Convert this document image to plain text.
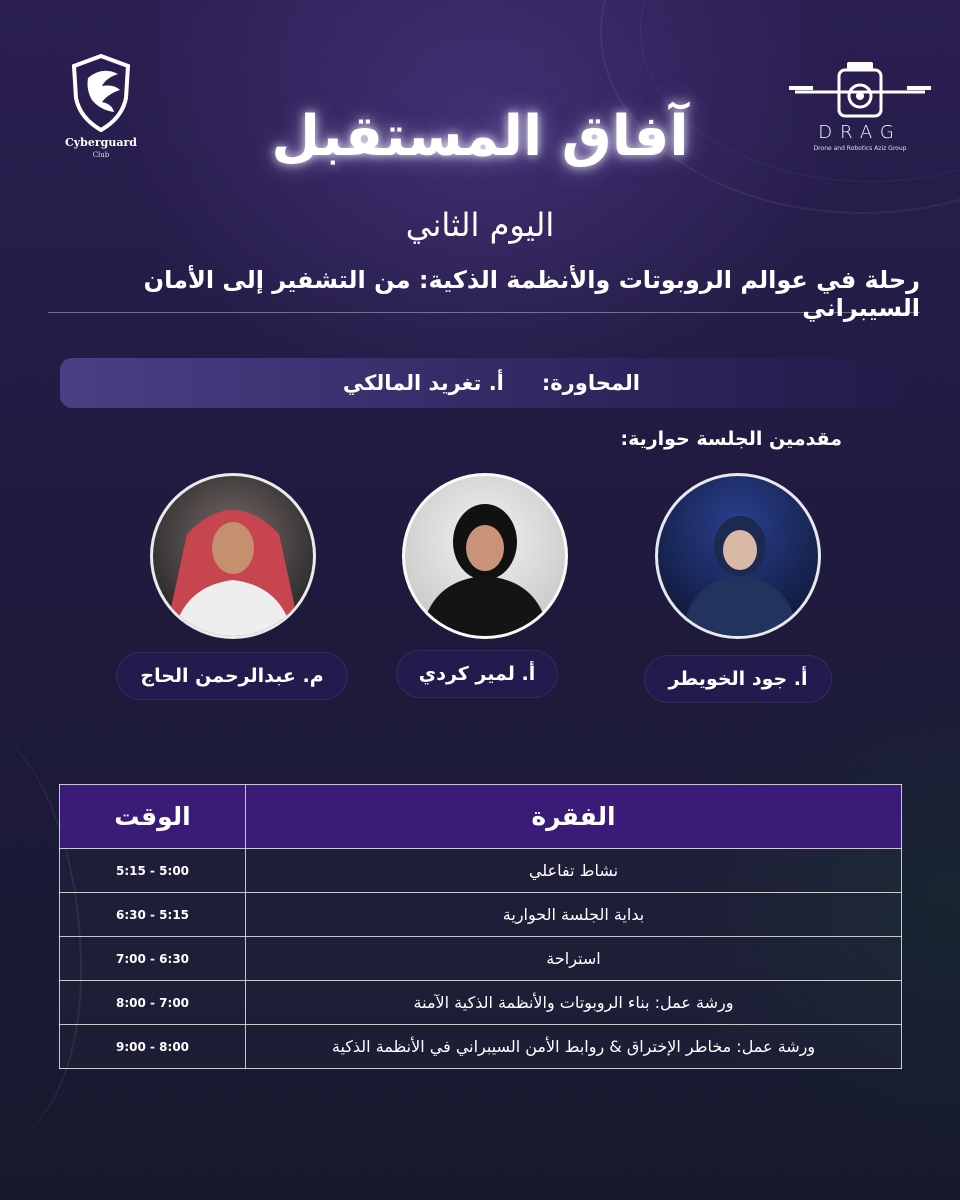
Cyberguard
Club
DRAG
Drone and Robotics Aziz Group
آفاق المستقبل
اليوم الثاني
رحلة في عوالم الروبوتات والأنظمة الذكية: من التشفير إلى الأمان السيبراني
المحاورة:
أ. تغريد المالكي
مقدمين الجلسة حوارية:
أ. جود الخويطر
أ. لمير كردي
م. عبدالرحمن الحاج
الفقرة	الوقت
نشاط تفاعلي	5:00 - 5:15
بداية الجلسة الحوارية	5:15 - 6:30
استراحة	6:30 - 7:00
ورشة عمل: بناء الروبوتات والأنظمة الذكية الآمنة	7:00 - 8:00
ورشة عمل: مخاطر الإختراق & روابط الأمن السيبراني في الأنظمة الذكية	8:00 - 9:00
